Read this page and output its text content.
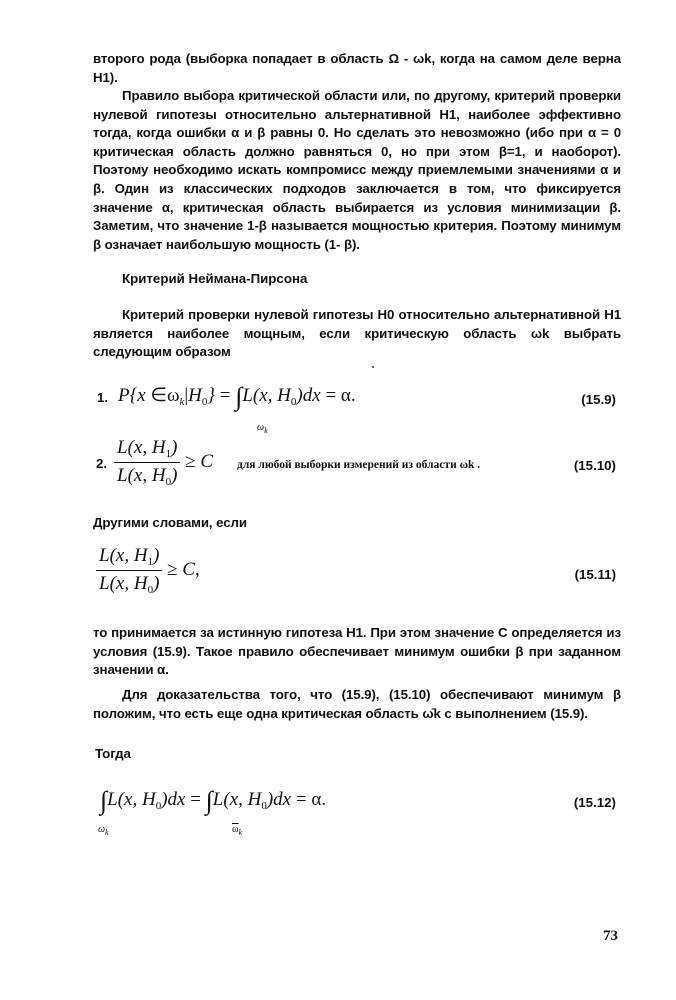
второго рода (выборка попадает в область Ω - ωk, когда на самом деле верна H1).
Правило выбора критической области или, по другому, критерий проверки нулевой гипотезы относительно альтернативной H1, наиболее эффективно тогда, когда ошибки α и β равны 0. Но сделать это невозможно (ибо при α = 0 критическая область должно равняться 0, но при этом β=1, и наоборот). Поэтому необходимо искать компромисс между приемлемыми значениями α и β. Один из классических подходов заключается в том, что фиксируется значение α, критическая область выбирается из условия минимизации β. Заметим, что значение 1-β называется мощностью критерия. Поэтому минимум β означает наибольшую мощность (1- β).
Критерий Неймана-Пирсона
Критерий проверки нулевой гипотезы H0 относительно альтернативной H1 является наиболее мощным, если критическую область ωk выбрать следующим образом
1. P{x $\in\omega_k|H_0\} = \int L(x$, $H_0)dx = \alpha$.
$\omega_k$
(15.9)
2. $\frac{L(x, H_1)}{L(x, H_0)} \ge C$ для любой выборки измерений из области ωk .	(15.10)
Другими словами, если
$\frac{L(x, H_1)}{L(x, H_0)} \ge C$,	(15.11)
то принимается за истинную гипотеза H1. При этом значение С определяется из условия (15.9). Такое правило обеспечивает минимум ошибки β при заданном значении α.
Для доказательства того, что (15.9), (15.10) обеспечивают минимум β положим, что есть еще одна критическая область ω̄k с выполнением (15.9).
Тогда
∫L(x, $H_0)dx = \int L(x$, $H_0)dx = \alpha$.
$\omega_k$	$\overline{\omega}_k$
(15.12)
73
